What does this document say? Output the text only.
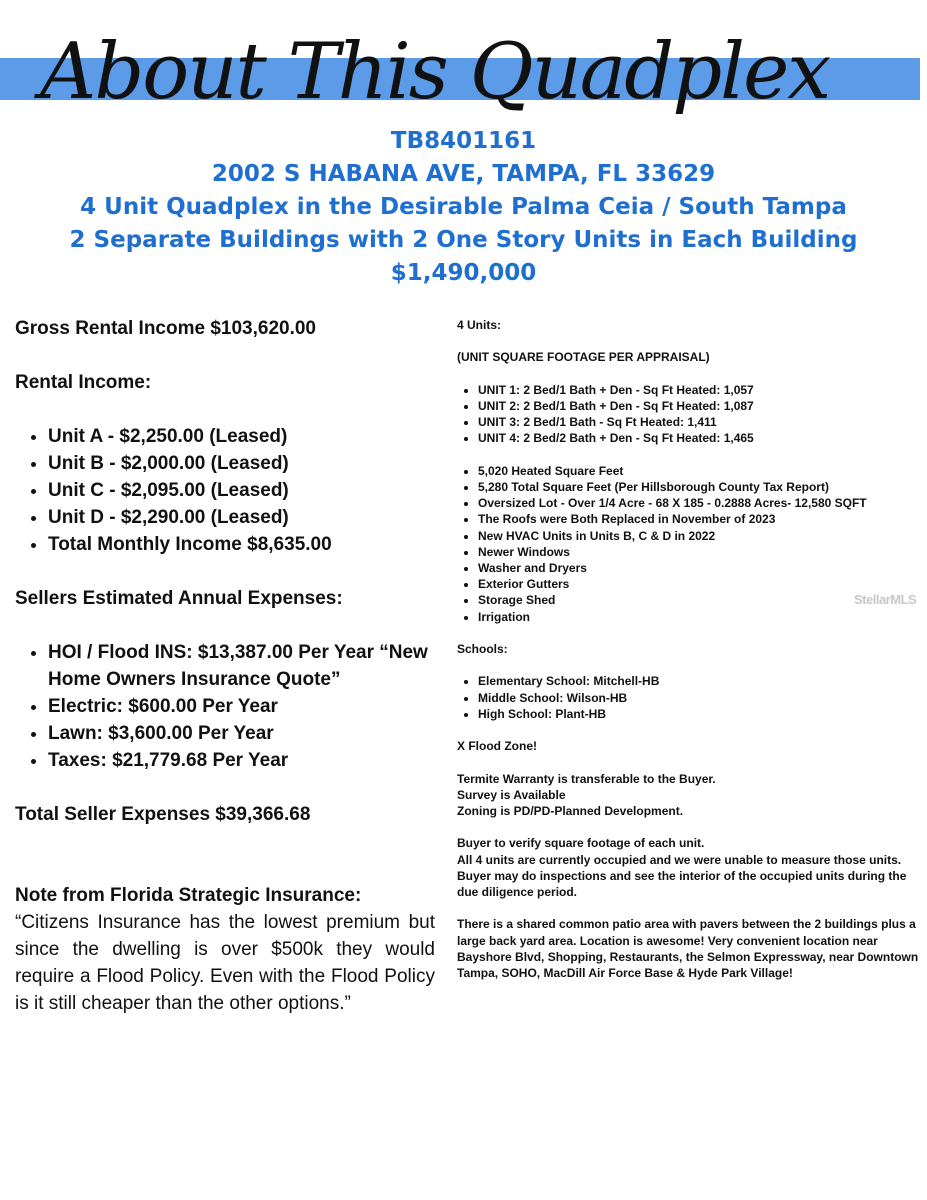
About This Quadplex
TB8401161
2002 S HABANA AVE, TAMPA, FL 33629
4 Unit Quadplex in the Desirable Palma Ceia / South Tampa
2 Separate Buildings with 2 One Story Units in Each Building
$1,490,000

Gross Rental Income $103,620.00

Rental Income:

• Unit A - $2,250.00 (Leased)
• Unit B - $2,000.00 (Leased)
• Unit C - $2,095.00 (Leased)
• Unit D - $2,290.00 (Leased)
• Total Monthly Income $8,635.00

Sellers Estimated Annual Expenses:

• HOI / Flood INS: $13,387.00 Per Year “New Home Owners Insurance Quote”
• Electric: $600.00 Per Year
• Lawn: $3,600.00 Per Year
• Taxes: $21,779.68 Per Year

Total Seller Expenses $39,366.68

Note from Florida Strategic Insurance:

“Citizens Insurance has the lowest premium but since the dwelling is over $500k they would require a Flood Policy. Even with the Flood Policy is it still cheaper than the other options.”

4 Units:

(UNIT SQUARE FOOTAGE PER APPRAISAL)

• UNIT 1: 2 Bed/1 Bath + Den - Sq Ft Heated: 1,057
• UNIT 2: 2 Bed/1 Bath + Den - Sq Ft Heated: 1,087
• UNIT 3: 2 Bed/1 Bath - Sq Ft Heated: 1,411
• UNIT 4: 2 Bed/2 Bath + Den - Sq Ft Heated: 1,465
• 5,020 Heated Square Feet
• 5,280 Total Square Feet (Per Hillsborough County Tax Report)
• Oversized Lot - Over 1/4 Acre - 68 X 185 - 0.2888 Acres- 12,580 SQFT
• The Roofs were Both Replaced in November of 2023
• New HVAC Units in Units B, C & D in 2022
• Newer Windows
• Washer and Dryers
• Exterior Gutters
• Storage Shed
• Irrigation

Schools:

• Elementary School: Mitchell-HB
• Middle School: Wilson-HB
• High School: Plant-HB

X Flood Zone!

Termite Warranty is transferable to the Buyer.

Survey is Available

Zoning is PD/PD-Planned Development.

Buyer to verify square footage of each unit.

All 4 units are currently occupied and we were unable to measure those units.

Buyer may do inspections and see the interior of the occupied units during the due diligence period.

There is a shared common patio area with pavers between the 2 buildings plus a large back yard area. Location is awesome! Very convenient location near Bayshore Blvd, Shopping, Restaurants, the Selmon Expressway, near Downtown Tampa, SOHO, MacDill Air Force Base & Hyde Park Village!

StellarMLS
